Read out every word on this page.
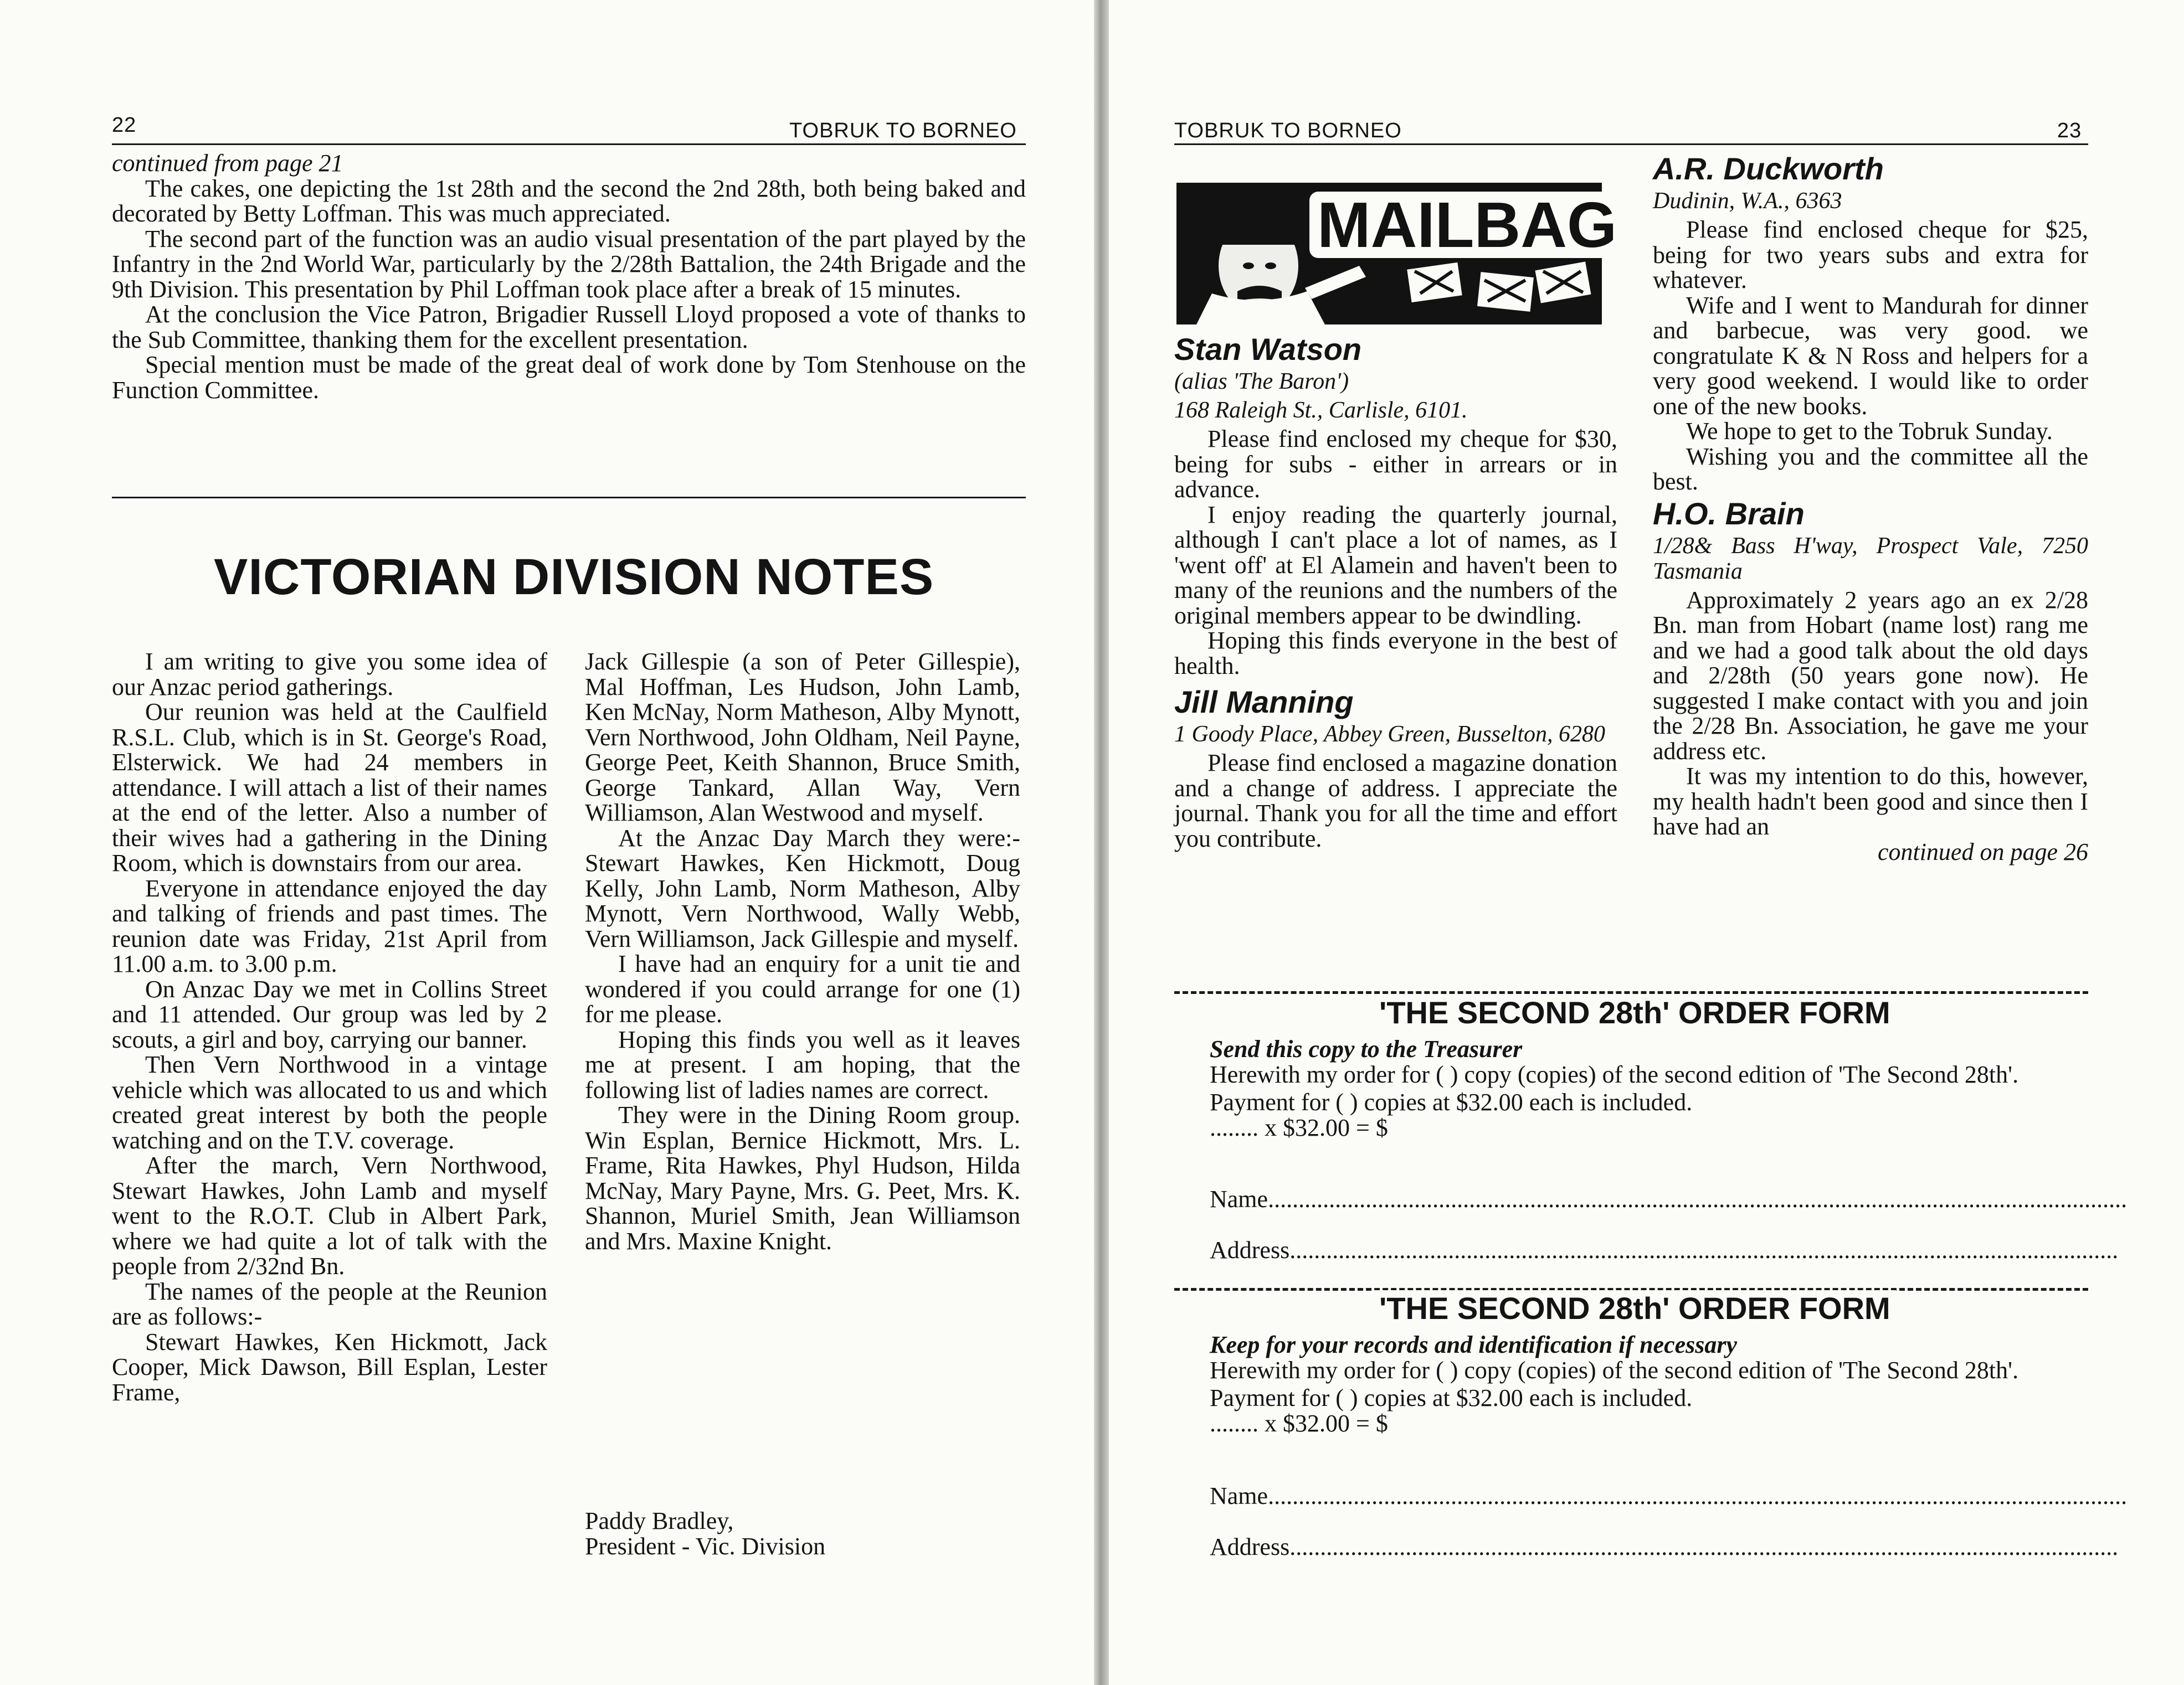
22	TOBRUK TO BORNEO

continued from page 21

The cakes, one depicting the 1st 28th and the second the 2nd 28th, both being baked and decorated by Betty Loffman. This was much appreciated.

The second part of the function was an audio visual presentation of the part played by the Infantry in the 2nd World War, particularly by the 2/28th Battalion, the 24th Brigade and the 9th Division. This presentation by Phil Loffman took place after a break of 15 minutes.

At the conclusion the Vice Patron, Brigadier Russell Lloyd proposed a vote of thanks to the Sub Committee, thanking them for the excellent presentation.

Special mention must be made of the great deal of work done by Tom Stenhouse on the Function Committee.

VICTORIAN DIVISION NOTES

I am writing to give you some idea of our Anzac period gatherings.

Our reunion was held at the Caulfield R.S.L. Club, which is in St. George's Road, Elsterwick. We had 24 members in attendance. I will attach a list of their names at the end of the letter. Also a number of their wives had a gathering in the Dining Room, which is downstairs from our area.

Everyone in attendance enjoyed the day and talking of friends and past times. The reunion date was Friday, 21st April from 11.00 a.m. to 3.00 p.m.

On Anzac Day we met in Collins Street and 11 attended. Our group was led by 2 scouts, a girl and boy, carrying our banner.

Then Vern Northwood in a vintage vehicle which was allocated to us and which created great interest by both the people watching and on the T.V. coverage.

After the march, Vern Northwood, Stewart Hawkes, John Lamb and myself went to the R.O.T. Club in Albert Park, where we had quite a lot of talk with the people from 2/32nd Bn.

The names of the people at the Reunion are as follows:-

Stewart Hawkes, Ken Hickmott, Jack Cooper, Mick Dawson, Bill Esplan, Lester Frame,

Jack Gillespie (a son of Peter Gillespie), Mal Hoffman, Les Hudson, John Lamb, Ken McNay, Norm Matheson, Alby Mynott, Vern Northwood, John Oldham, Neil Payne, George Peet, Keith Shannon, Bruce Smith, George Tankard, Allan Way, Vern Williamson, Alan Westwood and myself.

At the Anzac Day March they were:- Stewart Hawkes, Ken Hickmott, Doug Kelly, John Lamb, Norm Matheson, Alby Mynott, Vern Northwood, Wally Webb, Vern Williamson, Jack Gillespie and myself.

I have had an enquiry for a unit tie and wondered if you could arrange for one (1) for me please.

Hoping this finds you well as it leaves me at present. I am hoping, that the following list of ladies names are correct.

They were in the Dining Room group. Win Esplan, Bernice Hickmott, Mrs. L. Frame, Rita Hawkes, Phyl Hudson, Hilda McNay, Mary Payne, Mrs. G. Peet, Mrs. K. Shannon, Muriel Smith, Jean Williamson and Mrs. Maxine Knight.

Paddy Bradley,
President - Vic. Division
TOBRUK TO BORNEO	23
MAILBAG
Stan Watson
(alias 'The Baron')
168 Raleigh St., Carlisle, 6101.

Please find enclosed my cheque for $30, being for subs - either in arrears or in advance.

I enjoy reading the quarterly journal, although I can't place a lot of names, as I 'went off' at El Alamein and haven't been to many of the reunions and the numbers of the original members appear to be dwindling.

Hoping this finds everyone in the best of health.

Jill Manning
1 Goody Place, Abbey Green, Busselton, 6280

Please find enclosed a magazine donation and a change of address. I appreciate the journal. Thank you for all the time and effort you contribute.

A.R. Duckworth
Dudinin, W.A., 6363

Please find enclosed cheque for $25, being for two years subs and extra for whatever.

Wife and I went to Mandurah for dinner and barbecue, was very good. we congratulate K & N Ross and helpers for a very good weekend. I would like to order one of the new books.

We hope to get to the Tobruk Sunday.

Wishing you and the committee all the best.

H.O. Brain
1/28& Bass H'way, Prospect Vale, 7250 Tasmania

Approximately 2 years ago an ex 2/28 Bn. man from Hobart (name lost) rang me and we had a good talk about the old days and 2/28th (50 years gone now). He suggested I make contact with you and join the 2/28 Bn. Association, he gave me your address etc.

It was my intention to do this, however, my health hadn't been good and since then I have had an

continued on page 26
'THE SECOND 28th' ORDER FORM
Send this copy to the Treasurer
Herewith my order for ( ) copy (copies) of the second edition of 'The Second 28th'.
Payment for ( ) copies at $32.00 each is included.
........ x $32.00 = $
Name.............................................................................................................................................
Address........................................................................................................................................
'THE SECOND 28th' ORDER FORM
Keep for your records and identification if necessary
Herewith my order for ( ) copy (copies) of the second edition of 'The Second 28th'.
Payment for ( ) copies at $32.00 each is included.
........ x $32.00 = $
Name.............................................................................................................................................
Address........................................................................................................................................
